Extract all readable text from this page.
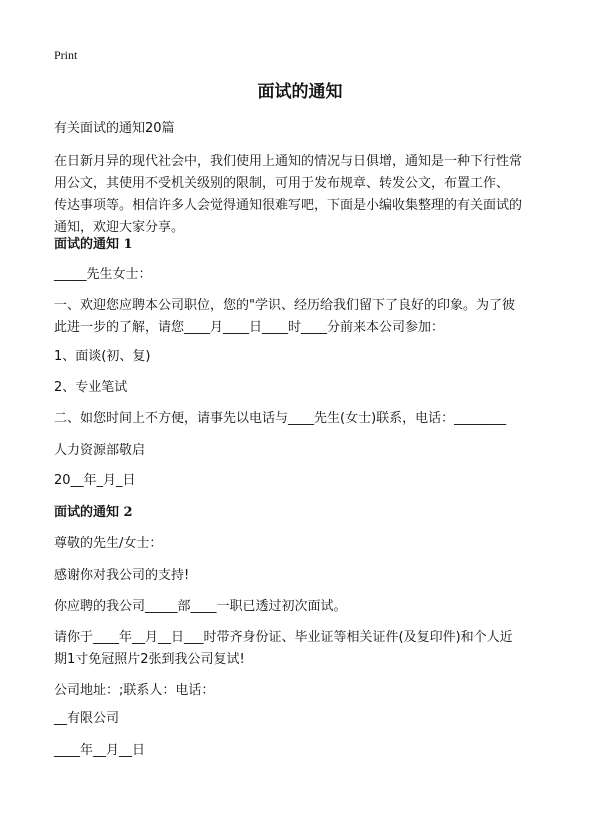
Print
面试的通知
有关面试的通知20篇
在日新月异的现代社会中，我们使用上通知的情况与日俱增，通知是一种下行性常
用公文，其使用不受机关级别的限制，可用于发布规章、转发公文，布置工作、
传达事项等。相信许多人会觉得通知很难写吧，下面是小编收集整理的有关面试的
通知，欢迎大家分享。
面试的通知 1
_____先生女士：
一、欢迎您应聘本公司职位，您的"学识、经历给我们留下了良好的印象。为了彼
此进一步的了解，请您____月____日____时____分前来本公司参加：
1、面谈(初、复)
2、专业笔试
二、如您时间上不方便，请事先以电话与____先生(女士)联系，电话：________
人力资源部敬启
20__年_月_日
面试的通知 2
尊敬的先生/女士：
感谢你对我公司的支持!
你应聘的我公司_____部____一职已透过初次面试。
请你于____年__月__日___时带齐身份证、毕业证等相关证件(及复印件)和个人近
期1寸免冠照片2张到我公司复试!
公司地址：;联系人：电话：
__有限公司
____年__月__日
